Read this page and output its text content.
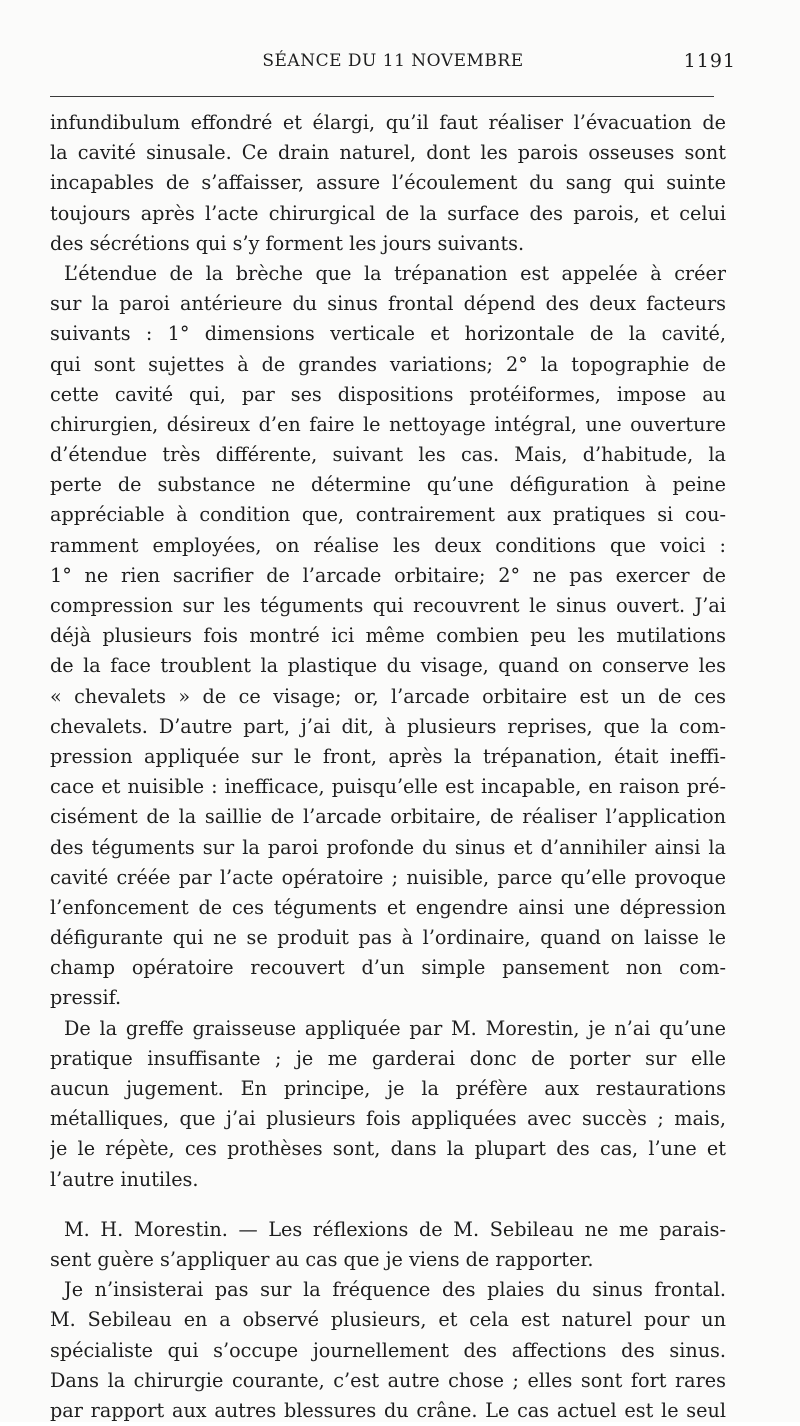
SÉANCE DU 11 NOVEMBRE	1191
infundibulum effondré et élargi, qu’il faut réaliser l’évacuation de
la cavité sinusale. Ce drain naturel, dont les parois osseuses sont
incapables de s’affaisser, assure l’écoulement du sang qui suinte
toujours après l’acte chirurgical de la surface des parois, et celui
des sécrétions qui s’y forment les jours suivants.
L’étendue de la brèche que la trépanation est appelée à créer
sur la paroi antérieure du sinus frontal dépend des deux facteurs
suivants : 1° dimensions verticale et horizontale de la cavité,
qui sont sujettes à de grandes variations; 2° la topographie de
cette cavité qui, par ses dispositions protéiformes, impose au
chirurgien, désireux d’en faire le nettoyage intégral, une ouverture
d’étendue très différente, suivant les cas. Mais, d’habitude, la
perte de substance ne détermine qu’une défiguration à peine
appréciable à condition que, contrairement aux pratiques si cou-
ramment employées, on réalise les deux conditions que voici :
1° ne rien sacrifier de l’arcade orbitaire; 2° ne pas exercer de
compression sur les téguments qui recouvrent le sinus ouvert. J’ai
déjà plusieurs fois montré ici même combien peu les mutilations
de la face troublent la plastique du visage, quand on conserve les
« chevalets » de ce visage; or, l’arcade orbitaire est un de ces
chevalets. D’autre part, j’ai dit, à plusieurs reprises, que la com-
pression appliquée sur le front, après la trépanation, était ineffi-
cace et nuisible : inefficace, puisqu’elle est incapable, en raison pré-
cisément de la saillie de l’arcade orbitaire, de réaliser l’application
des téguments sur la paroi profonde du sinus et d’annihiler ainsi la
cavité créée par l’acte opératoire ; nuisible, parce qu’elle provoque
l’enfoncement de ces téguments et engendre ainsi une dépression
défigurante qui ne se produit pas à l’ordinaire, quand on laisse le
champ opératoire recouvert d’un simple pansement non com-
pressif.
De la greffe graisseuse appliquée par M. Morestin, je n’ai qu’une
pratique insuffisante ; je me garderai donc de porter sur elle
aucun jugement. En principe, je la préfère aux restaurations
métalliques, que j’ai plusieurs fois appliquées avec succès ; mais,
je le répète, ces prothèses sont, dans la plupart des cas, l’une et
l’autre inutiles.
M. H. Morestin. — Les réflexions de M. Sebileau ne me parais-
sent guère s’appliquer au cas que je viens de rapporter.
Je n’insisterai pas sur la fréquence des plaies du sinus frontal.
M. Sebileau en a observé plusieurs, et cela est naturel pour un
spécialiste qui s’occupe journellement des affections des sinus.
Dans la chirurgie courante, c’est autre chose ; elles sont fort rares
par rapport aux autres blessures du crâne. Le cas actuel est le seul
